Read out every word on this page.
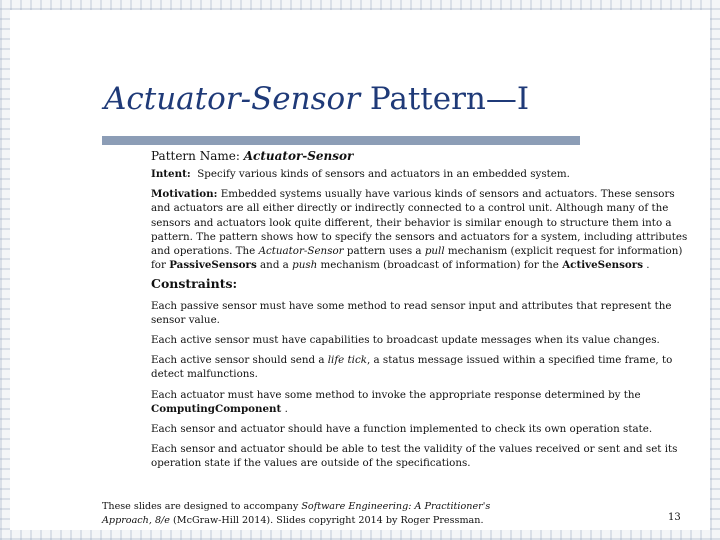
Actuator-Sensor Pattern—I

Pattern Name: Actuator-Sensor

Intent: Specify various kinds of sensors and actuators in an embedded system.

Motivation: Embedded systems usually have various kinds of sensors and actuators. These sensors and actuators are all either directly or indirectly connected to a control unit. Although many of the sensors and actuators look quite different, their behavior is similar enough to structure them into a pattern. The pattern shows how to specify the sensors and actuators for a system, including attributes and operations. The Actuator-Sensor pattern uses a pull mechanism (explicit request for information) for PassiveSensors and a push mechanism (broadcast of information) for the ActiveSensors .

Constraints:

Each passive sensor must have some method to read sensor input and attributes that represent the sensor value.

Each active sensor must have capabilities to broadcast update messages when its value changes.

Each active sensor should send a life tick, a status message issued within a specified time frame, to detect malfunctions.

Each actuator must have some method to invoke the appropriate response determined by the ComputingComponent .

Each sensor and actuator should have a function implemented to check its own operation state.

Each sensor and actuator should be able to test the validity of the values received or sent and set its operation state if the values are outside of the specifications.

These slides are designed to accompany Software Engineering: A Practitioner's Approach, 8/e (McGraw-Hill 2014). Slides copyright 2014 by Roger Pressman.	13
